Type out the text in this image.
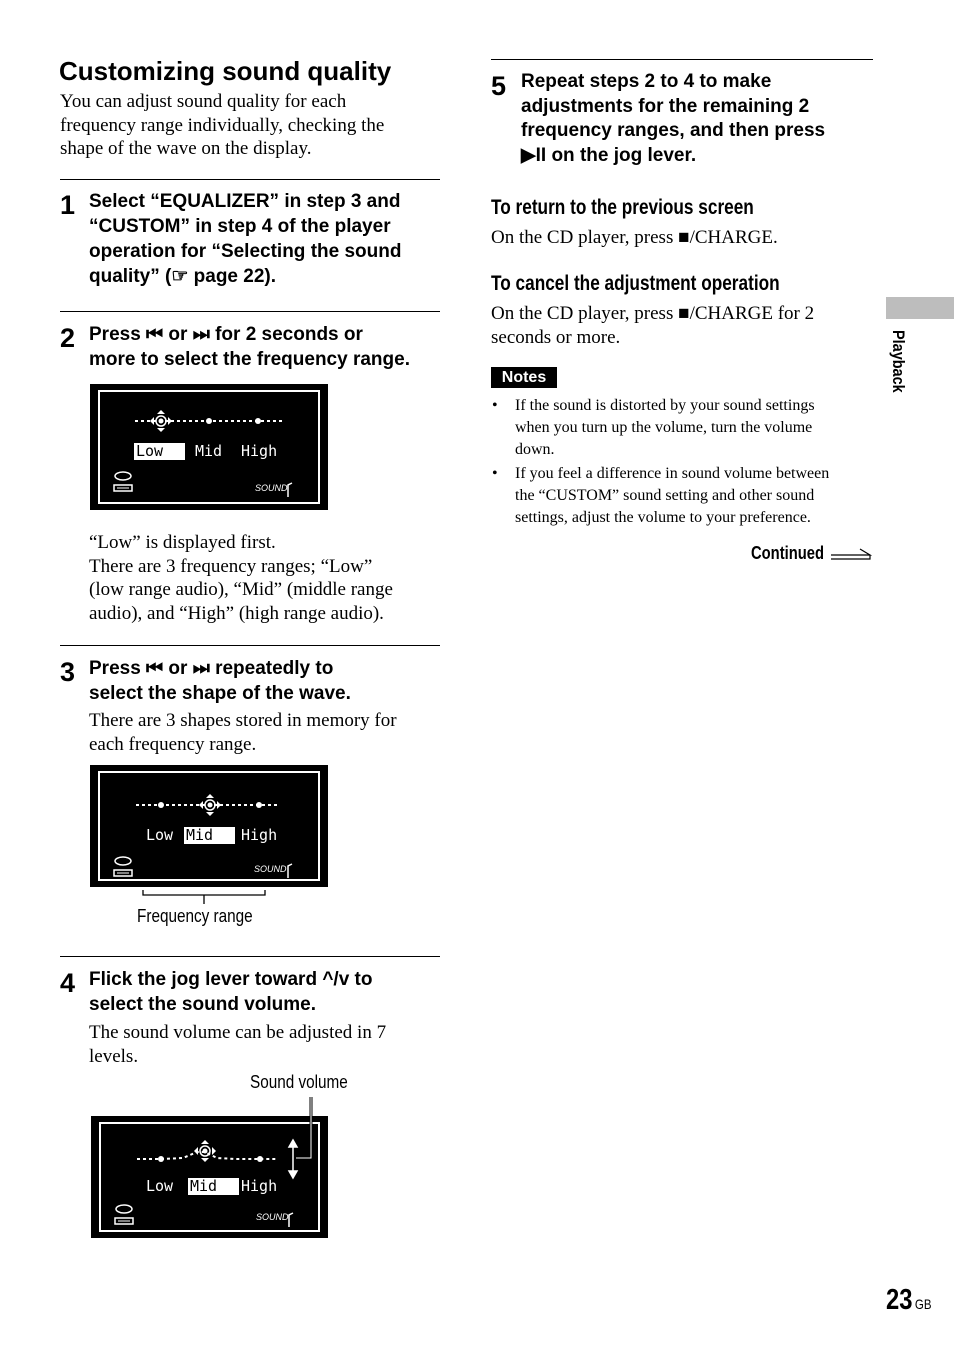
Customizing sound quality
You can adjust sound quality for each
frequency range individually, checking the
shape of the wave on the display.
1 Select “EQUALIZER” in step 3 and
“CUSTOM” in step 4 of the player
operation for “Selecting the sound
quality” (☞ page 22).
2 Press ⏮ or ⏭ for 2 seconds or
more to select the frequency range.
Low	Mid High
SOUND
“Low” is displayed first.
There are 3 frequency ranges; “Low”
(low range audio), “Mid” (middle range
audio), and “High” (high range audio).
3 Press ⏮ or ⏭ repeatedly to
select the shape of the wave.
There are 3 shapes stored in memory for
each frequency range.
Low Mid	High
SOUND
Frequency range
4 Flick the jog lever toward ^/v to
select the sound volume.
The sound volume can be adjusted in 7
levels.
Sound volume
Low Mid	High
SOUND
5 Repeat steps 2 to 4 to make
adjustments for the remaining 2
frequency ranges, and then press
▶II on the jog lever.
To return to the previous screen
On the CD player, press ■/CHARGE.
To cancel the adjustment operation
On the CD player, press ■/CHARGE for 2
seconds or more.
Notes
• If the sound is distorted by your sound settings
when you turn up the volume, turn the volume
down.
• If you feel a difference in sound volume between
the “CUSTOM” sound setting and other sound
settings, adjust the volume to your preference.
Continued
Playback
23 GB
